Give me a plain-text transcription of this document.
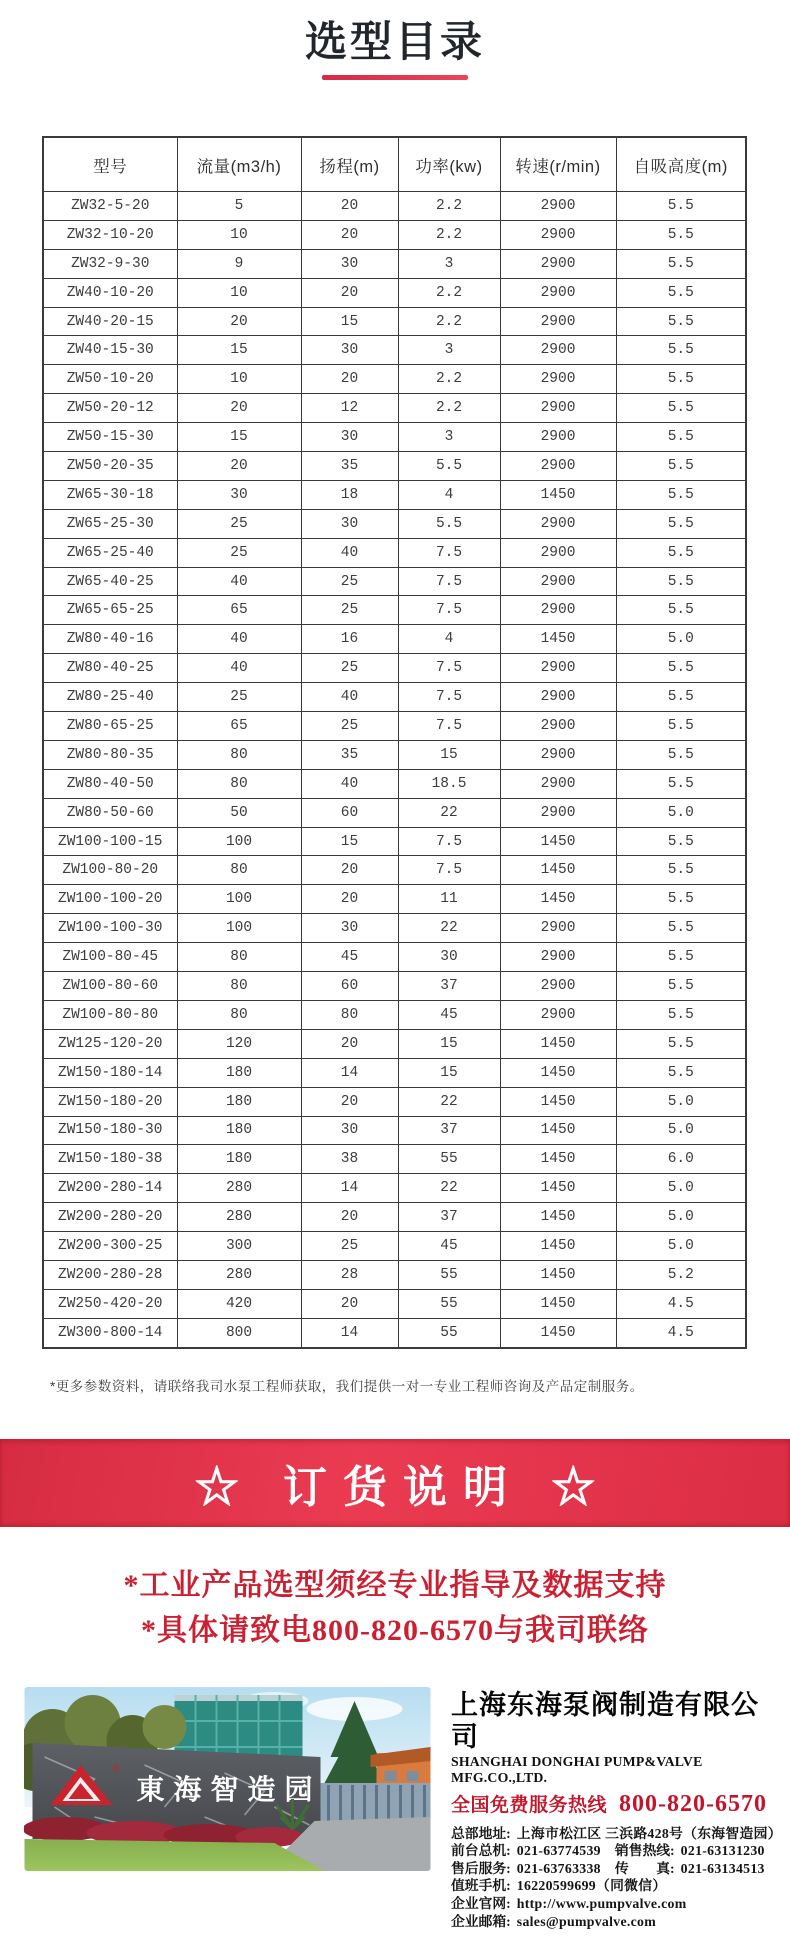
选型目录
型号	流量(m3/h)	扬程(m)	功率(kw)	转速(r/min)	自吸高度(m)
ZW32-5-20	5	20	2.2	2900	5.5
ZW32-10-20	10	20	2.2	2900	5.5
ZW32-9-30	9	30	3	2900	5.5
ZW40-10-20	10	20	2.2	2900	5.5
ZW40-20-15	20	15	2.2	2900	5.5
ZW40-15-30	15	30	3	2900	5.5
ZW50-10-20	10	20	2.2	2900	5.5
ZW50-20-12	20	12	2.2	2900	5.5
ZW50-15-30	15	30	3	2900	5.5
ZW50-20-35	20	35	5.5	2900	5.5
ZW65-30-18	30	18	4	1450	5.5
ZW65-25-30	25	30	5.5	2900	5.5
ZW65-25-40	25	40	7.5	2900	5.5
ZW65-40-25	40	25	7.5	2900	5.5
ZW65-65-25	65	25	7.5	2900	5.5
ZW80-40-16	40	16	4	1450	5.0
ZW80-40-25	40	25	7.5	2900	5.5
ZW80-25-40	25	40	7.5	2900	5.5
ZW80-65-25	65	25	7.5	2900	5.5
ZW80-80-35	80	35	15	2900	5.5
ZW80-40-50	80	40	18.5	2900	5.5
ZW80-50-60	50	60	22	2900	5.0
ZW100-100-15	100	15	7.5	1450	5.5
ZW100-80-20	80	20	7.5	1450	5.5
ZW100-100-20	100	20	11	1450	5.5
ZW100-100-30	100	30	22	2900	5.5
ZW100-80-45	80	45	30	2900	5.5
ZW100-80-60	80	60	37	2900	5.5
ZW100-80-80	80	80	45	2900	5.5
ZW125-120-20	120	20	15	1450	5.5
ZW150-180-14	180	14	15	1450	5.5
ZW150-180-20	180	20	22	1450	5.0
ZW150-180-30	180	30	37	1450	5.0
ZW150-180-38	180	38	55	1450	6.0
ZW200-280-14	280	14	22	1450	5.0
ZW200-280-20	280	20	37	1450	5.0
ZW200-300-25	300	25	45	1450	5.0
ZW200-280-28	280	28	55	1450	5.2
ZW250-420-20	420	20	55	1450	4.5
ZW300-800-14	800	14	55	1450	4.5

*更多参数资料，请联络我司水泵工程师获取，我们提供一对一专业工程师咨询及产品定制服务。

☆ 订货说明 ☆

*工业产品选型须经专业指导及数据支持

*具体请致电800-820-6570与我司联络

®
東海智造园
上海东海泵阀制造有限公司
SHANGHAI DONGHAI PUMP&VALVE MFG.CO.,LTD.
全国免费服务热线 800-820-6570
总部地址: 上海市松江区 三浜路428号（东海智造园）
前台总机: 021-63774539 销售热线: 021-63131230
售后服务: 021-63763338 传　　真: 021-63134513
值班手机: 16220599699（同微信）
企业官网: http://www.pumpvalve.com
企业邮箱: sales@pumpvalve.com
